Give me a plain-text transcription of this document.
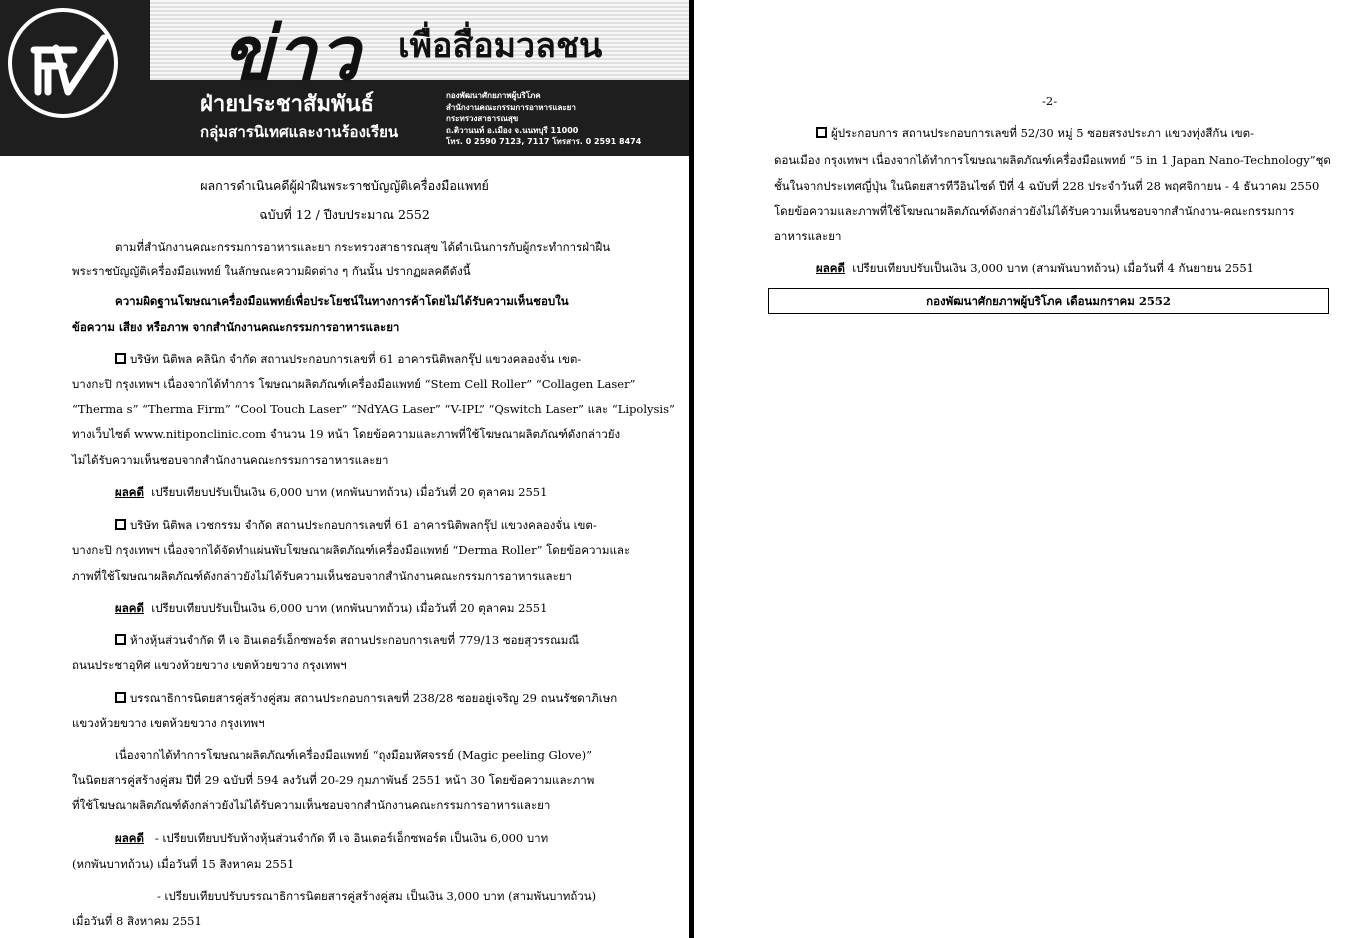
ข่าว เพื่อสื่อมวลชน
ฝ่ายประชาสัมพันธ์
กลุ่มสารนิเทศและงานร้องเรียน
กองพัฒนาศักยภาพผู้บริโภค
สำนักงานคณะกรรมการอาหารและยา
กระทรวงสาธารณสุข
ถ.ติวานนท์ อ.เมือง จ.นนทบุรี 11000
โทร. 0 2590 7123, 7117 โทรสาร. 0 2591 8474
ผลการดำเนินคดีผู้ฝ่าฝืนพระราชบัญญัติเครื่องมือแพทย์
ฉบับที่ 12 / ปีงบประมาณ 2552
ตามที่สำนักงานคณะกรรมการอาหารและยา กระทรวงสาธารณสุข ได้ดำเนินการกับผู้กระทำการฝ่าฝืน
พระราชบัญญัติเครื่องมือแพทย์ ในลักษณะความผิดต่าง ๆ กันนั้น ปรากฏผลคดีดังนี้
ความผิดฐานโฆษณาเครื่องมือแพทย์เพื่อประโยชน์ในทางการค้าโดยไม่ได้รับความเห็นชอบใน
ข้อความ เสียง หรือภาพ จากสำนักงานคณะกรรมการอาหารและยา
บริษัท นิติพล คลินิก จำกัด สถานประกอบการเลขที่ 61 อาคารนิติพลกรุ๊ป แขวงคลองจั่น เขต-
บางกะปิ กรุงเทพฯ เนื่องจากได้ทำการ โฆษณาผลิตภัณฑ์เครื่องมือแพทย์ “Stem Cell Roller” “Collagen Laser”
“Therma s” “Therma Firm” “Cool Touch Laser” “NdYAG Laser” “V-IPL” “Qswitch Laser” และ “Lipolysis”
ทางเว็บไซต์ www.nitiponclinic.com จำนวน 19 หน้า โดยข้อความและภาพที่ใช้โฆษณาผลิตภัณฑ์ดังกล่าวยัง
ไม่ได้รับความเห็นชอบจากสำนักงานคณะกรรมการอาหารและยา
ผลคดี เปรียบเทียบปรับเป็นเงิน 6,000 บาท (หกพันบาทถ้วน) เมื่อวันที่ 20 ตุลาคม 2551
บริษัท นิติพล เวชกรรม จำกัด สถานประกอบการเลขที่ 61 อาคารนิติพลกรุ๊ป แขวงคลองจั่น เขต-
บางกะปิ กรุงเทพฯ เนื่องจากได้จัดทำแผ่นพับโฆษณาผลิตภัณฑ์เครื่องมือแพทย์ “Derma Roller” โดยข้อความและ
ภาพที่ใช้โฆษณาผลิตภัณฑ์ดังกล่าวยังไม่ได้รับความเห็นชอบจากสำนักงานคณะกรรมการอาหารและยา
ผลคดี เปรียบเทียบปรับเป็นเงิน 6,000 บาท (หกพันบาทถ้วน) เมื่อวันที่ 20 ตุลาคม 2551
ห้างหุ้นส่วนจำกัด ที เจ อินเตอร์เอ็กซพอร์ต สถานประกอบการเลขที่ 779/13 ซอยสุวรรณมณี
ถนนประชาอุทิศ แขวงห้วยขวาง เขตห้วยขวาง กรุงเทพฯ
บรรณาธิการนิตยสารคู่สร้างคู่สม สถานประกอบการเลขที่ 238/28 ซอยอยู่เจริญ 29 ถนนรัชดาภิเษก
แขวงห้วยขวาง เขตห้วยขวาง กรุงเทพฯ
เนื่องจากได้ทำการโฆษณาผลิตภัณฑ์เครื่องมือแพทย์ “ถุงมือมหัศจรรย์ (Magic peeling Glove)”
ในนิตยสารคู่สร้างคู่สม ปีที่ 29 ฉบับที่ 594 ลงวันที่ 20-29 กุมภาพันธ์ 2551 หน้า 30 โดยข้อความและภาพ
ที่ใช้โฆษณาผลิตภัณฑ์ดังกล่าวยังไม่ได้รับความเห็นชอบจากสำนักงานคณะกรรมการอาหารและยา
ผลคดี - เปรียบเทียบปรับห้างหุ้นส่วนจำกัด ที เจ อินเตอร์เอ็กซพอร์ต เป็นเงิน 6,000 บาท
(หกพันบาทถ้วน) เมื่อวันที่ 15 สิงหาคม 2551
- เปรียบเทียบปรับบรรณาธิการนิตยสารคู่สร้างคู่สม เป็นเงิน 3,000 บาท (สามพันบาทถ้วน)
เมื่อวันที่ 8 สิงหาคม 2551
-2-
ผู้ประกอบการ สถานประกอบการเลขที่ 52/30 หมู่ 5 ซอยสรงประภา แขวงทุ่งสีกัน เขต-
ดอนเมือง กรุงเทพฯ เนื่องจากได้ทำการโฆษณาผลิตภัณฑ์เครื่องมือแพทย์ “5 in 1 Japan Nano-Technology”ชุด
ชั้นในจากประเทศญี่ปุ่น ในนิตยสารทีวีอินไซด์ ปีที่ 4 ฉบับที่ 228 ประจำวันที่ 28 พฤศจิกายน - 4 ธันวาคม 2550
โดยข้อความและภาพที่ใช้โฆษณาผลิตภัณฑ์ดังกล่าวยังไม่ได้รับความเห็นชอบจากสำนักงาน-คณะกรรมการ
อาหารและยา
ผลคดี เปรียบเทียบปรับเป็นเงิน 3,000 บาท (สามพันบาทถ้วน) เมื่อวันที่ 4 กันยายน 2551
กองพัฒนาศักยภาพผู้บริโภค เดือนมกราคม 2552
